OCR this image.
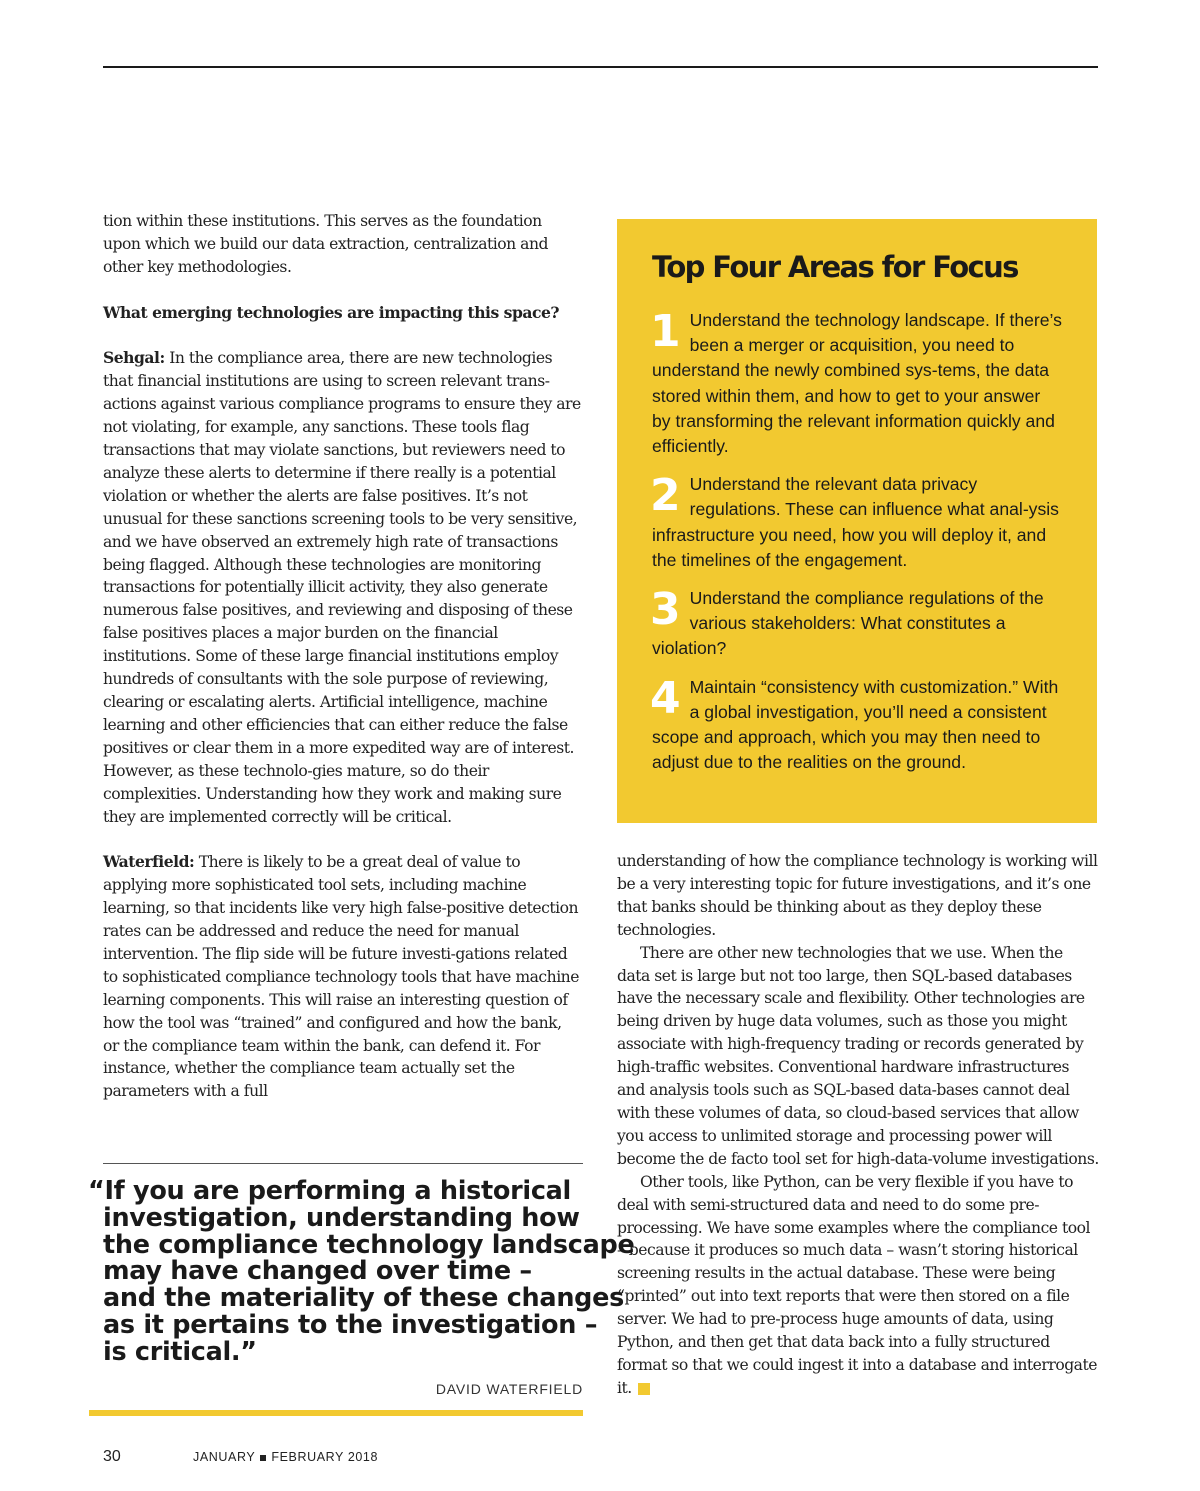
tion within these institutions. This serves as the foundation upon which we build our data extraction, centralization and other key methodologies.

What emerging technologies are impacting this space?

Sehgal: In the compliance area, there are new technologies that financial institutions are using to screen relevant trans-actions against various compliance programs to ensure they are not violating, for example, any sanctions. These tools flag transactions that may violate sanctions, but reviewers need to analyze these alerts to determine if there really is a potential violation or whether the alerts are false positives. It’s not unusual for these sanctions screening tools to be very sensitive, and we have observed an extremely high rate of transactions being flagged. Although these technologies are monitoring transactions for potentially illicit activity, they also generate numerous false positives, and reviewing and disposing of these false positives places a major burden on the financial institutions. Some of these large financial institutions employ hundreds of consultants with the sole purpose of reviewing, clearing or escalating alerts. Artificial intelligence, machine learning and other efficiencies that can either reduce the false positives or clear them in a more expedited way are of interest. However, as these technolo-gies mature, so do their complexities. Understanding how they work and making sure they are implemented correctly will be critical.

Waterfield: There is likely to be a great deal of value to applying more sophisticated tool sets, including machine learning, so that incidents like very high false-positive detection rates can be addressed and reduce the need for manual intervention. The flip side will be future investi-gations related to sophisticated compliance technology tools that have machine learning components. This will raise an interesting question of how the tool was “trained” and configured and how the bank, or the compliance team within the bank, can defend it. For instance, whether the compliance team actually set the parameters with a full

Top Four Areas for Focus
1 Understand the technology landscape. If there’s been a merger or acquisition, you need to understand the newly combined sys-tems, the data stored within them, and how to get to your answer by transforming the relevant information quickly and efficiently.
2 Understand the relevant data privacy regulations. These can influence what anal-ysis infrastructure you need, how you will deploy it, and the timelines of the engagement.
3 Understand the compliance regulations of the various stakeholders: What constitutes a violation?
4 Maintain “consistency with customization.” With a global investigation, you’ll need a consistent scope and approach, which you may then need to adjust due to the realities on the ground.

understanding of how the compliance technology is working will be a very interesting topic for future investigations, and it’s one that banks should be thinking about as they deploy these technologies.

There are other new technologies that we use. When the data set is large but not too large, then SQL-based databases have the necessary scale and flexibility. Other technologies are being driven by huge data volumes, such as those you might associate with high-frequency trading or records generated by high-traffic websites. Conventional hardware infrastructures and analysis tools such as SQL-based data-bases cannot deal with these volumes of data, so cloud-based services that allow you access to unlimited storage and processing power will become the de facto tool set for high-data-volume investigations.

Other tools, like Python, can be very flexible if you have to deal with semi-structured data and need to do some pre-processing. We have some examples where the compliance tool – because it produces so much data – wasn’t storing historical screening results in the actual database. These were being “printed” out into text reports that were then stored on a file server. We had to pre-process huge amounts of data, using Python, and then get that data back into a fully structured format so that we could ingest it into a database and interrogate it.

“If you are performing a historical
investigation, understanding how
the compliance technology landscape
may have changed over time –
and the materiality of these changes
as it pertains to the investigation –
is critical.”
DAVID WATERFIELD
30	JANUARY FEBRUARY 2018
